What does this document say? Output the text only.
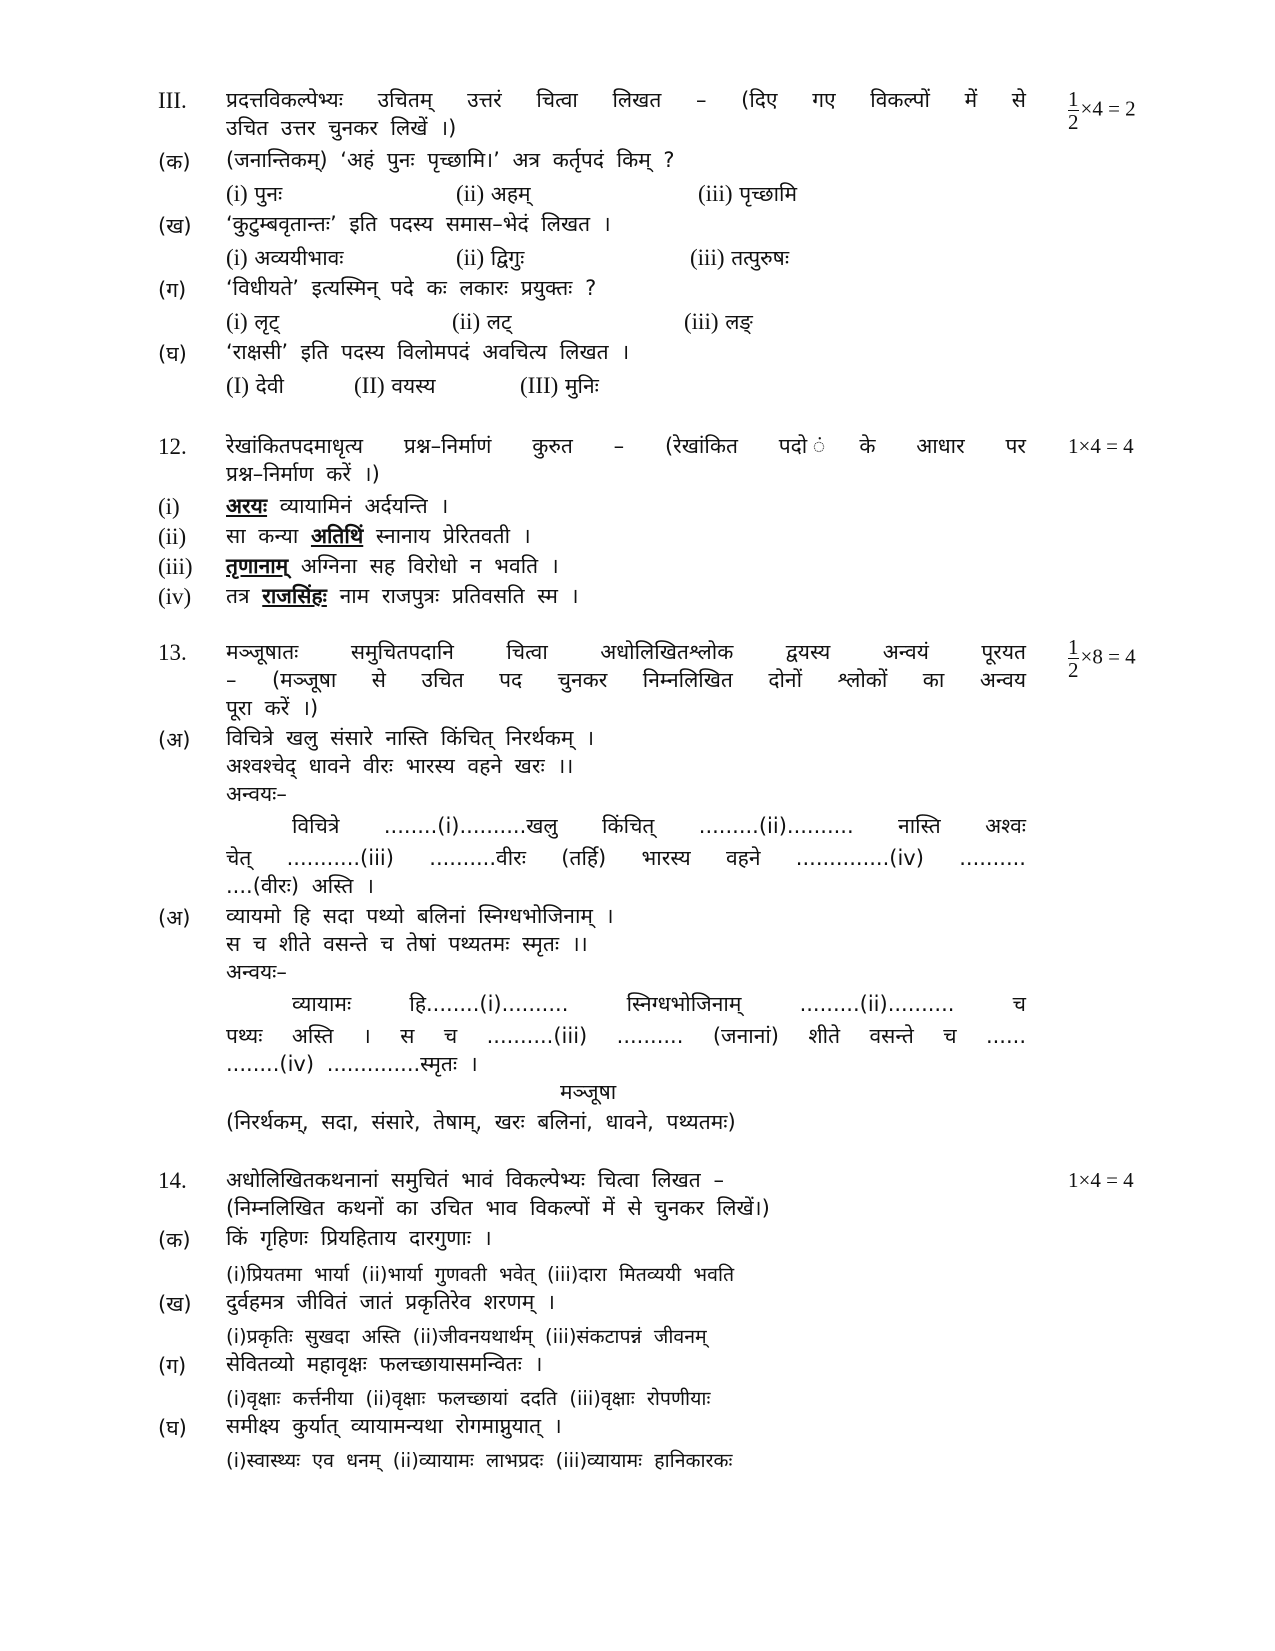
III. प्रदत्तविकल्पेभ्यः उचितम् उत्तरं चित्वा लिखत – (दिए गए विकल्पों में से
उचित उत्तर चुनकर लिखें ।)	$\frac{1}{2} \times 4 = 2$
(क) (जनान्तिकम्) ‘अहं पुनः पृच्छामि।’ अत्र कर्तृपदं किम् ?
(i) पुनः	(ii) अहम्	(iii) पृच्छामि
(ख) ‘कुटुम्बवृतान्तः’ इति पदस्य समास–भेदं लिखत ।
(i) अव्ययीभावः	(ii) द्विगुः	(iii) तत्पुरुषः
(ग) ‘विधीयते’ इत्यस्मिन् पदे कः लकारः प्रयुक्तः ?
(i) लृट्	(ii) लट्	(iii) लङ्
(घ) ‘राक्षसी’ इति पदस्य विलोमपदं अवचित्य लिखत ।
(I) देवी	(II) वयस्य	(III) मुनिः
12. रेखांकितपदमाधृत्य प्रश्न–निर्माणं कुरुत – (रेखांकित पदो ंके आधार पर
प्रश्न–निर्माण करें ।)
1×4 = 4
(i) अरयः व्यायामिनं अर्दयन्ति ।
(ii) सा कन्या अतिथिं स्नानाय प्रेरितवती ।
(iii) तृणानाम् अग्निना सह विरोधो न भवति ।
(iv) तत्र राजसिंहः नाम राजपुत्रः प्रतिवसति स्म ।
13. मञ्जूषातः समुचितपदानि चित्वा अधोलिखितश्लोक द्वयस्य अन्वयं पूरयत
– (मञ्जूषा से उचित पद चुनकर निम्नलिखित दोनों श्लोकों का अन्वय
पूरा करें ।)
$\frac{1}{2} \times 8 = 4$
(अ) विचित्रे खलु संसारे नास्ति किंचित् निरर्थकम् ।
अश्वश्चेद् धावने वीरः भारस्य वहने खरः ।।
अन्वयः–
विचित्रे ........(i)..........खलु किंचित् .........(ii).......... नास्ति अश्वः
चेत् ...........(iii) ..........वीरः (तर्हि) भारस्य वहने ..............(iv) ..........
....(वीरः) अस्ति ।
(अ) व्यायमो हि सदा पथ्यो बलिनां स्निग्धभोजिनाम् ।
स च शीते वसन्ते च तेषां पथ्यतमः स्मृतः ।।
अन्वयः–
व्यायामः हि........(i).......... स्निग्धभोजिनाम् .........(ii).......... च
पथ्यः अस्ति । स च ..........(iii) .......... (जनानां) शीते वसन्ते च ......
........(iv) ..............स्मृतः ।
मञ्जूषा
(निरर्थकम्, सदा, संसारे, तेषाम्, खरः बलिनां, धावने, पथ्यतमः)
14. अधोलिखितकथनानां समुचितं भावं विकल्पेभ्यः चित्वा लिखत –
(निम्नलिखित कथनों का उचित भाव विकल्पों में से चुनकर लिखें।)
1×4 = 4
(क) किं गृहिणः प्रियहिताय दारगुणाः ।
(i)प्रियतमा भार्या (ii)भार्या गुणवती भवेत् (iii)दारा मितव्ययी भवति
(ख) दुर्वहमत्र जीवितं जातं प्रकृतिरेव शरणम् ।
(i)प्रकृतिः सुखदा अस्ति (ii)जीवनयथार्थम् (iii)संकटापन्नं जीवनम्
(ग) सेवितव्यो महावृक्षः फलच्छायासमन्वितः ।
(i)वृक्षाः कर्त्तनीया (ii)वृक्षाः फलच्छायां ददति (iii)वृक्षाः रोपणीयाः
(घ) समीक्ष्य कुर्यात् व्यायामन्यथा रोगमाप्नुयात् ।
(i)स्वास्थ्यः एव धनम् (ii)व्यायामः लाभप्रदः (iii)व्यायामः हानिकारकः
